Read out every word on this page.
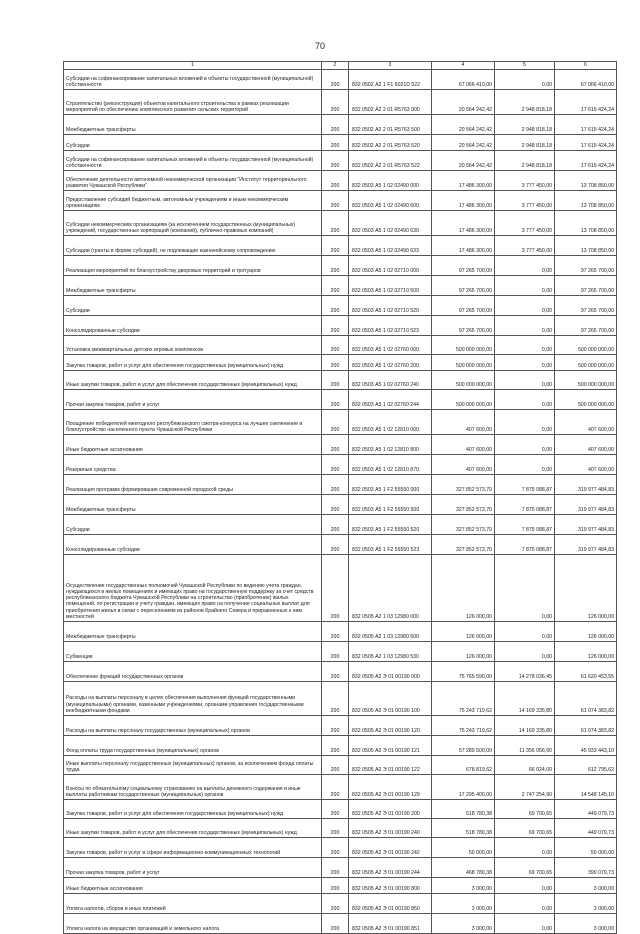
70
1	2	3	4	5	6

Субсидии на софинансирование капитальных вложений в объекты государственной (муниципальной) собственности	200	832 0502 А2 1 F1 5021D 522	67 066 410,00	0,00	67 066 410,00

Строительство (реконструкция) объектов капитального строительства в рамках реализации мероприятий по обеспечению комплексного развития сельских территорий	200	832 0502 А2 2 01 R5763 000	20 564 242,42	2 948 818,18	17 615 424,24

Межбюджетные трансферты	200	832 0502 А2 2 01 R5763 500	20 564 242,42	2 948 818,18	17 615 424,24

Субсидии	200	832 0502 А2 2 01 R5763 520	20 564 242,42	2 948 818,18	17 615 424,24

Субсидии на софинансирование капитальных вложений в объекты государственной (муниципальной) собственности	200	832 0502 А2 2 01 R5763 522	20 564 242,42	2 948 818,18	17 615 424,24

Обеспечение деятельности автономной некоммерческой организации "Институт территориального развития Чувашской Республики"	200	832 0503 А5 1 02 02490 000	17 486 300,00	3 777 450,00	13 708 850,00

Предоставление субсидий бюджетным, автономным учреждениям и иным некоммерческим организациям	200	832 0503 А5 1 02 02490 600	17 486 300,00	3 777 450,00	13 708 850,00

Субсидии некоммерческим организациям (за исключением государственных (муниципальных) учреждений, государственных корпораций (компаний), публично-правовых компаний)	200	832 0503 А5 1 02 02490 630	17 486 300,00	3 777 450,00	13 708 850,00

Субсидии (гранты в форме субсидий), не подлежащие казначейскому сопровождению	200	832 0503 А5 1 02 02490 633	17 486 300,00	3 777 450,00	13 708 850,00

Реализация мероприятий по благоустройству дворовых территорий и тротуаров	200	832 0503 А5 1 02 02710 000	97 265 700,00	0,00	97 265 700,00

Межбюджетные трансферты	200	832 0503 А5 1 02 02710 500	97 265 700,00	0,00	97 265 700,00

Субсидии	200	832 0503 А5 1 02 02710 520	97 265 700,00	0,00	97 265 700,00

Консолидированные субсидии	200	832 0503 А5 1 02 02710 523	97 265 700,00	0,00	97 265 700,00

Установка межквартальных детских игровых комплексов	200	832 0503 А5 1 02 02760 000	500 000 000,00	0,00	500 000 000,00

Закупка товаров, работ и услуг для обеспечения государственных (муниципальных) нужд	200	832 0503 А5 1 02 02760 200	500 000 000,00	0,00	500 000 000,00

Иные закупки товаров, работ и услуг для обеспечения государственных (муниципальных) нужд	200	832 0503 А5 1 02 02760 240	500 000 000,00	0,00	500 000 000,00

Прочая закупка товаров, работ и услуг	200	832 0503 А5 1 02 02760 244	500 000 000,00	0,00	500 000 000,00

Поощрение победителей ежегодного республиканского смотра-конкурса на лучшее озеленение и благоустройство населенного пункта Чувашской Республики	200	832 0503 А5 1 02 12810 000	407 600,00	0,00	407 600,00

Иные бюджетные ассигнования	200	832 0503 А5 1 02 12810 800	407 600,00	0,00	407 600,00

Резервные средства	200	832 0503 А5 1 02 12810 870	407 600,00	0,00	407 600,00

Реализация программ формирования современной городской среды	200	832 0503 А5 1 F2 55550 000	327 852 573,70	7 875 088,87	319 977 484,83

Межбюджетные трансферты	200	832 0503 А5 1 F2 55550 500	327 852 573,70	7 875 088,87	319 977 484,83

Субсидии	200	832 0503 А5 1 F2 55550 520	327 852 573,70	7 875 088,87	319 977 484,83

Консолидированные субсидии	200	832 0503 А5 1 F2 55550 523	327 852 573,70	7 875 088,87	319 977 484,83

Осуществление государственных полномочий Чувашской Республики по ведению учета граждан, нуждающихся в жилых помещениях и имеющих право на государственную поддержку за счет средств республиканского бюджета Чувашской Республики на строительство (приобретение) жилых помещений, по регистрации и учету граждан, имеющих право на получение социальных выплат для приобретения жилья в связи с переселением из районов Крайнего Севера и приравненных к ним местностей	200	832 0505 А2 1 03 12980 000	126 000,00	0,00	126 000,00

Межбюджетные трансферты	200	832 0505 А2 1 03 12980 500	126 000,00	0,00	126 000,00

Субвенции	200	832 0505 А2 1 03 12980 530	126 000,00	0,00	126 000,00

Обеспечение функций государственных органов	200	832 0505 А2 Э 01 00190 000	75 765 590,00	14 278 036,45	61 620 453,55

Расходы на выплаты персоналу в целях обеспечения выполнения функций государственными (муниципальными) органами, казенными учреждениями, органами управления государственными внебюджетными фондами	200	832 0505 А2 Э 01 00190 100	75 243 719,62	14 169 335,80	61 074 383,82

Расходы на выплаты персоналу государственных (муниципальных) органов	200	832 0505 А2 Э 01 00190 120	75 243 719,62	14 169 335,80	61 074 383,82

Фонд оплаты труда государственных (муниципальных) органов	200	832 0505 А2 Э 01 00190 121	57 289 500,00	11 356 056,90	45 933 443,10

Иные выплаты персоналу государственных (муниципальных) органов, за исключением фонда оплаты труда	200	832 0505 А2 Э 01 00190 122	678 819,62	66 024,00	612 795,62

Взносы по обязательному социальному страхованию на выплаты денежного содержания и иные выплаты работникам государственных (муниципальных) органов	200	832 0505 А2 Э 01 00190 129	17 295 400,00	2 747 254,90	14 548 145,10

Закупка товаров, работ и услуг для обеспечения государственных (муниципальных) нужд	200	832 0505 А2 Э 01 00190 200	518 780,38	69 700,65	449 079,73

Иные закупки товаров, работ и услуг для обеспечения государственных (муниципальных) нужд	200	832 0505 А2 Э 01 00190 240	518 780,38	69 700,65	449 079,73

Закупка товаров, работ и услуг в сфере информационно-коммуникационных технологий	200	832 0505 А2 Э 01 00190 242	50 000,00	0,00	50 000,00

Прочая закупка товаров, работ и услуг	200	832 0505 А2 Э 01 00190 244	468 780,38	69 700,65	399 079,73

Иные бюджетные ассигнования	200	832 0505 А2 Э 01 00190 800	3 000,00	0,00	3 000,00

Уплата налогов, сборов и иных платежей	200	832 0505 А2 Э 01 00190 850	3 000,00	0,00	3 000,00

Уплата налога на имущество организаций и земельного налога	200	832 0505 А2 Э 01 00190 851	3 000,00	0,00	3 000,00
